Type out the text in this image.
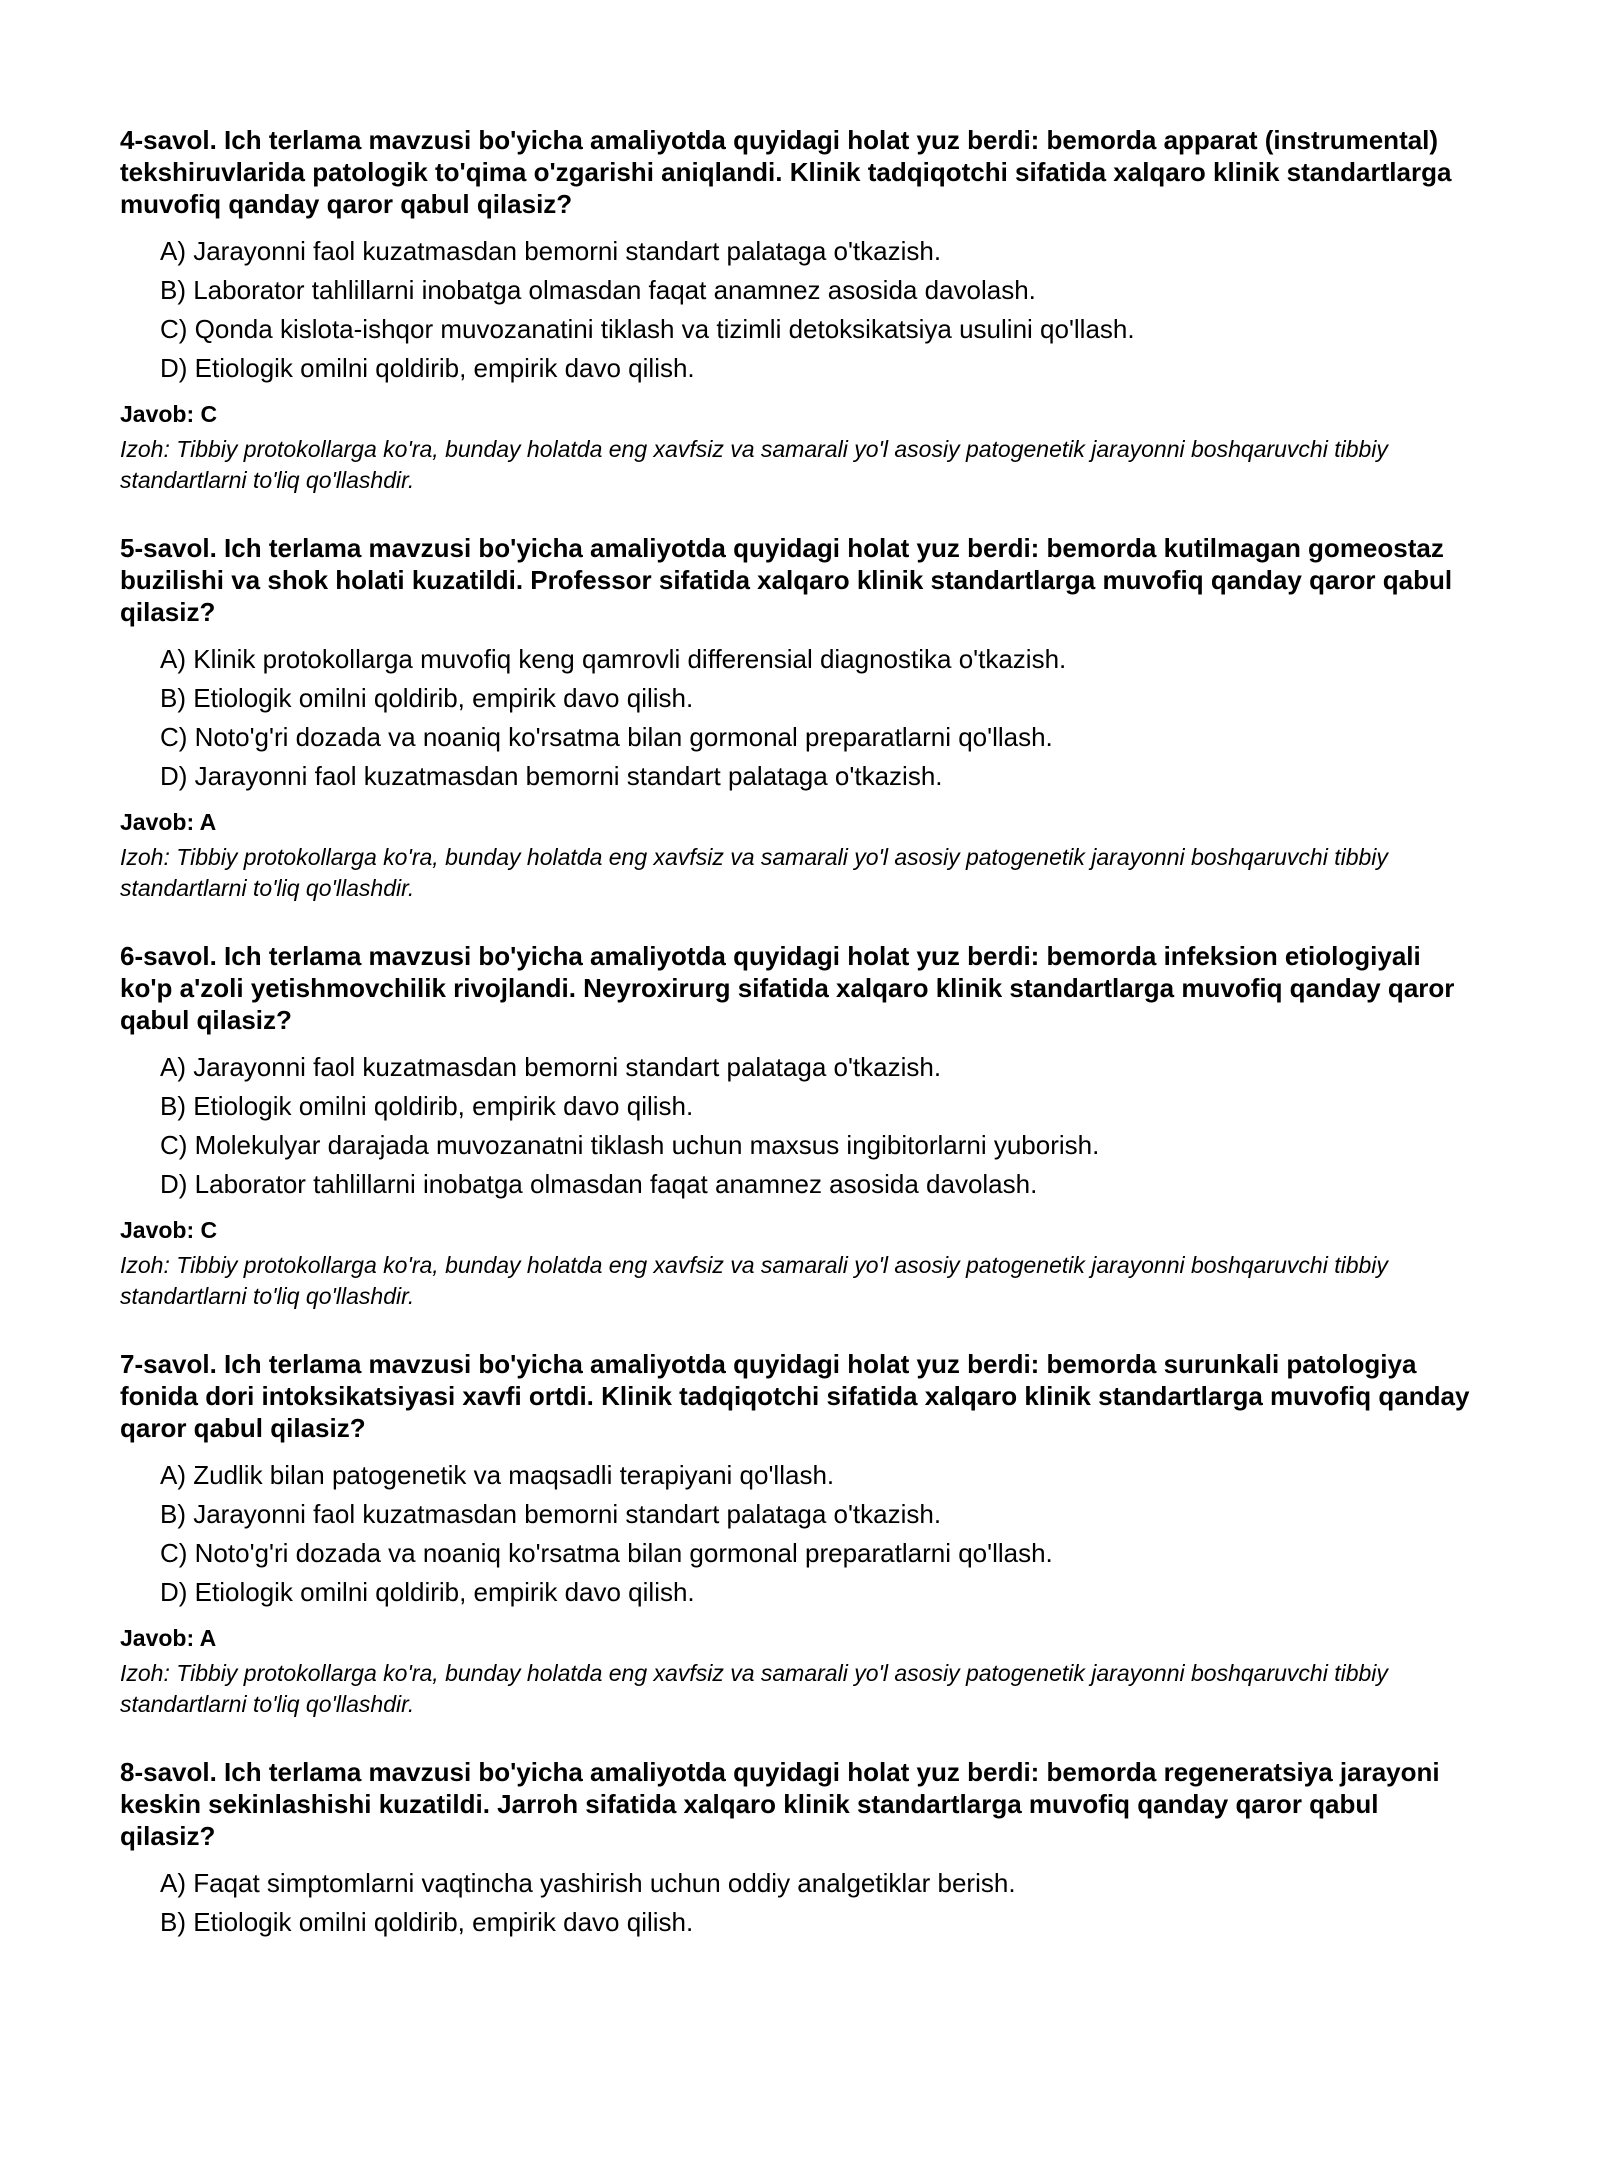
4-savol. Ich terlama mavzusi bo'yicha amaliyotda quyidagi holat yuz berdi: bemorda apparat (instrumental) tekshiruvlarida patologik to'qima o'zgarishi aniqlandi. Klinik tadqiqotchi sifatida xalqaro klinik standartlarga muvofiq qanday qaror qabul qilasiz?

A) Jarayonni faol kuzatmasdan bemorni standart palataga o'tkazish.
B) Laborator tahlillarni inobatga olmasdan faqat anamnez asosida davolash.
C) Qonda kislota-ishqor muvozanatini tiklash va tizimli detoksikatsiya usulini qo'llash.
D) Etiologik omilni qoldirib, empirik davo qilish.

Javob: C

Izoh: Tibbiy protokollarga ko'ra, bunday holatda eng xavfsiz va samarali yo'l asosiy patogenetik jarayonni boshqaruvchi tibbiy standartlarni to'liq qo'llashdir.

5-savol. Ich terlama mavzusi bo'yicha amaliyotda quyidagi holat yuz berdi: bemorda kutilmagan gomeostaz buzilishi va shok holati kuzatildi. Professor sifatida xalqaro klinik standartlarga muvofiq qanday qaror qabul qilasiz?

A) Klinik protokollarga muvofiq keng qamrovli differensial diagnostika o'tkazish.
B) Etiologik omilni qoldirib, empirik davo qilish.
C) Noto'g'ri dozada va noaniq ko'rsatma bilan gormonal preparatlarni qo'llash.
D) Jarayonni faol kuzatmasdan bemorni standart palataga o'tkazish.

Javob: A

Izoh: Tibbiy protokollarga ko'ra, bunday holatda eng xavfsiz va samarali yo'l asosiy patogenetik jarayonni boshqaruvchi tibbiy standartlarni to'liq qo'llashdir.

6-savol. Ich terlama mavzusi bo'yicha amaliyotda quyidagi holat yuz berdi: bemorda infeksion etiologiyali ko'p a'zoli yetishmovchilik rivojlandi. Neyroxirurg sifatida xalqaro klinik standartlarga muvofiq qanday qaror qabul qilasiz?

A) Jarayonni faol kuzatmasdan bemorni standart palataga o'tkazish.
B) Etiologik omilni qoldirib, empirik davo qilish.
C) Molekulyar darajada muvozanatni tiklash uchun maxsus ingibitorlarni yuborish.
D) Laborator tahlillarni inobatga olmasdan faqat anamnez asosida davolash.

Javob: C

Izoh: Tibbiy protokollarga ko'ra, bunday holatda eng xavfsiz va samarali yo'l asosiy patogenetik jarayonni boshqaruvchi tibbiy standartlarni to'liq qo'llashdir.

7-savol. Ich terlama mavzusi bo'yicha amaliyotda quyidagi holat yuz berdi: bemorda surunkali patologiya fonida dori intoksikatsiyasi xavfi ortdi. Klinik tadqiqotchi sifatida xalqaro klinik standartlarga muvofiq qanday qaror qabul qilasiz?

A) Zudlik bilan patogenetik va maqsadli terapiyani qo'llash.
B) Jarayonni faol kuzatmasdan bemorni standart palataga o'tkazish.
C) Noto'g'ri dozada va noaniq ko'rsatma bilan gormonal preparatlarni qo'llash.
D) Etiologik omilni qoldirib, empirik davo qilish.

Javob: A

Izoh: Tibbiy protokollarga ko'ra, bunday holatda eng xavfsiz va samarali yo'l asosiy patogenetik jarayonni boshqaruvchi tibbiy standartlarni to'liq qo'llashdir.

8-savol. Ich terlama mavzusi bo'yicha amaliyotda quyidagi holat yuz berdi: bemorda regeneratsiya jarayoni keskin sekinlashishi kuzatildi. Jarroh sifatida xalqaro klinik standartlarga muvofiq qanday qaror qabul qilasiz?

A) Faqat simptomlarni vaqtincha yashirish uchun oddiy analgetiklar berish.
B) Etiologik omilni qoldirib, empirik davo qilish.
